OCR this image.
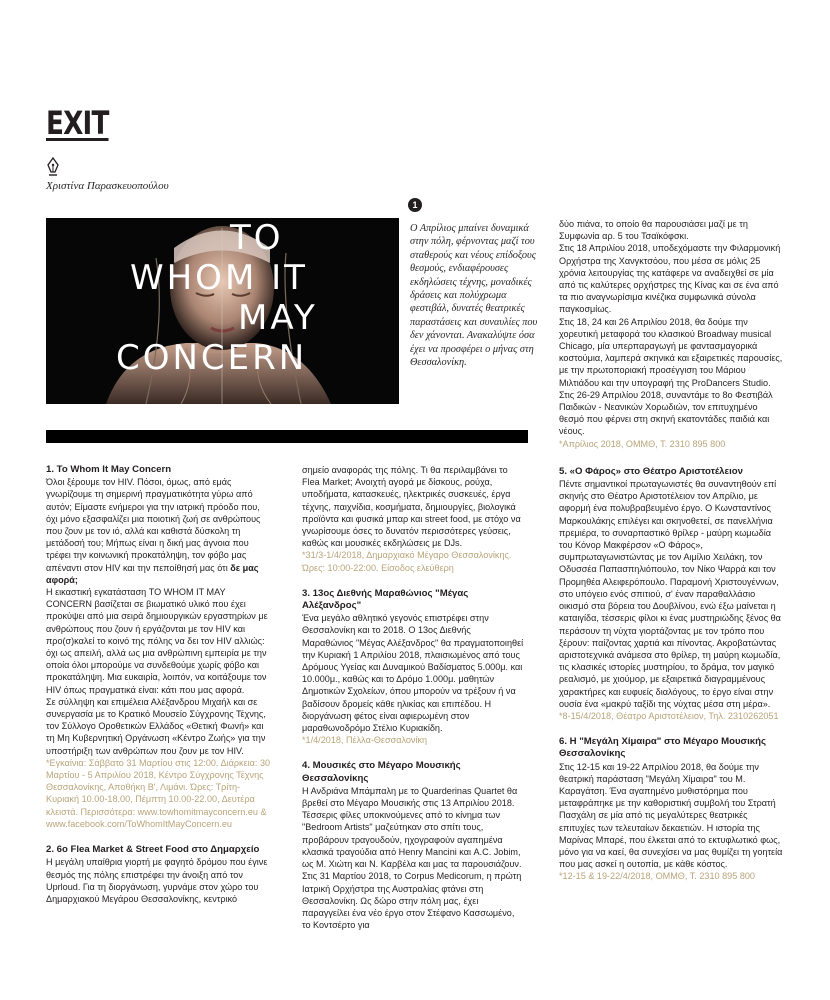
EXIT
Χριστίνα Παρασκευοπούλου
1
TO
WHOM IT
MAY
CONCERN
Ο Απρίλιος μπαίνει δυναμικά στην πόλη, φέρνοντας μαζί του σταθερούς και νέους επίδοξους θεσμούς, ενδιαφέρουσες εκδηλώσεις τέχνης, μοναδικές δράσεις και πολύχρωμα φεστιβάλ, δυνατές θεατρικές παραστάσεις και συναυλίες που δεν χάνονται. Ανακαλύψτε όσα έχει να προσφέρει ο μήνας στη Θεσσαλονίκη.
1. To Whom It May Concern

Όλοι ξέρουμε τον HIV. Πόσοι, όμως, από εμάς γνωρίζουμε τη σημερινή πραγματικότητα γύρω από αυτόν; Είμαστε ενήμεροι για την ιατρική πρόοδο που, όχι μόνο εξασφαλίζει μια ποιοτική ζωή σε ανθρώπους που ζουν με τον ιό, αλλά και καθιστά δύσκολη τη μετάδοσή του; Μήπως είναι η δική μας άγνοια που τρέφει την κοινωνική προκατάληψη, τον φόβο μας απέναντι στον HIV και την πεποίθησή μας ότι δε μας αφορά;

Η εικαστική εγκατάσταση TO WHOM IT MAY CONCERN βασίζεται σε βιωματικό υλικό που έχει προκύψει από μια σειρά δημιουργικών εργαστηρίων με ανθρώπους που ζουν ή εργάζονται με τον HIV και προ(σ)καλεί το κοινό της πόλης να δει τον HIV αλλιώς: όχι ως απειλή, αλλά ως μια ανθρώπινη εμπειρία με την οποία όλοι μπορούμε να συνδεθούμε χωρίς φόβο και προκατάληψη. Μια ευκαιρία, λοιπόν, να κοιτάξουμε τον HIV όπως πραγματικά είναι: κάτι που μας αφορά.

Σε σύλληψη και επιμέλεια Αλέξανδρου Μιχαήλ και σε συνεργασία με το Κρατικό Μουσείο Σύγχρονης Τέχνης, τον Σύλλογο Οροθετικών Ελλάδος «Θετική Φωνή» και τη Μη Κυβερνητική Οργάνωση «Κέντρο Ζωής» για την υποστήριξη των ανθρώπων που ζουν με τον HIV.

*Εγκαίνια: Σάββατο 31 Μαρτίου στις 12:00. Διάρκεια: 30 Μαρτίου - 5 Απριλίου 2018, Κέντρο Σύγχρονης Τέχνης Θεσσαλονίκης, Αποθήκη Β', Λιμάνι. Ώρες: Τρίτη-Κυριακή 10.00-18.00, Πέμπτη 10.00-22.00, Δευτέρα κλειστά. Περισσότερα: www.towhomitmayconcern.eu & www.facebook.com/ToWhomItMayConcern.eu

2. 6ο Flea Market & Street Food στο Δημαρχείο

Η μεγάλη υπαίθρια γιορτή με φαγητό δρόμου που έγινε θεσμός της πόλης επιστρέφει την άνοιξη από τον Uprloud. Για τη διοργάνωση, γυρνάμε στον χώρο του Δημαρχιακού Μεγάρου Θεσσαλονίκης, κεντρικό

σημείο αναφοράς της πόλης. Τι θα περιλαμβάνει το Flea Market; Ανοιχτή αγορά με δίσκους, ρούχα, υποδήματα, κατασκευές, ηλεκτρικές συσκευές, έργα τέχνης, παιχνίδια, κοσμήματα, δημιουργίες, βιολογικά προϊόντα και φυσικά μπαρ και street food, με στόχο να γνωρίσουμε όσες το δυνατόν περισσότερες γεύσεις, καθώς και μουσικές εκδηλώσεις με DJs.

*31/3-1/4/2018, Δημαρχιακό Μέγαρο Θεσσαλονίκης. Ώρες: 10:00-22:00. Είσοδος ελεύθερη

3. 13ος Διεθνής Μαραθώνιος "Μέγας Αλέξανδρος"

Ένα μεγάλο αθλητικό γεγονός επιστρέφει στην Θεσσαλονίκη και το 2018. Ο 13ος Διεθνής Μαραθώνιος "Μέγας Αλέξανδρος" θα πραγματοποιηθεί την Κυριακή 1 Απριλίου 2018, πλαισιωμένος από τους Δρόμους Υγείας και Δυναμικού Βαδίσματος 5.000μ. και 10.000μ., καθώς και το Δρόμο 1.000μ. μαθητών Δημοτικών Σχολείων, όπου μπορούν να τρέξουν ή να βαδίσουν δρομείς κάθε ηλικίας και επιπέδου. Η διοργάνωση φέτος είναι αφιερωμένη στον μαραθωνοδρόμο Στέλιο Κυριακίδη.

*1/4/2018, Πέλλα-Θεσσαλονίκη

4. Μουσικές στο Μέγαρο Μουσικής Θεσσαλονίκης

Η Ανδριάνα Μπάμπαλη με το Quarderinas Quartet θα βρεθεί στο Μέγαρο Μουσικής στις 13 Απριλίου 2018. Τέσσερις φίλες υποκινούμενες από το κίνημα των "Bedroom Artists" μαζεύτηκαν στο σπίτι τους, προβάρουν τραγουδούν, ηχογραφούν αγαπημένα κλασικά τραγούδια από Henry Mancini και A.C. Jobim, ως Μ. Χιώτη και Ν. Καρβέλα και μας τα παρουσιάζουν.

Στις 31 Μαρτίου 2018, το Corpus Medicorum, η πρώτη Ιατρική Ορχήστρα της Αυστραλίας φτάνει στη Θεσσαλονίκη. Ως δώρο στην πόλη μας, έχει παραγγείλει ένα νέο έργο στον Στέφανο Κασσωμένο, το Κοντσέρτο για

δύο πιάνα, το οποίο θα παρουσιάσει μαζί με τη Συμφωνία αρ. 5 του Τσαϊκόφσκι.

Στις 18 Απριλίου 2018, υποδεχόμαστε την Φιλαρμονική Ορχήστρα της Χανγκτσόου, που μέσα σε μόλις 25 χρόνια λειτουργίας της κατάφερε να αναδειχθεί σε μία από τις καλύτερες ορχήστρες της Κίνας και σε ένα από τα πιο αναγνωρίσιμα κινέζικα συμφωνικά σύνολα παγκοσμίως.

Στις 18, 24 και 26 Απριλίου 2018, θα δούμε την χορευτική μεταφορά του κλασικού Broadway musical Chicago, μία υπερπαραγωγή με φαντασμαγορικά κοστούμια, λαμπερά σκηνικά και εξαιρετικές παρουσίες, με την πρωτοποριακή προσέγγιση του Μάριου Μιλτιάδου και την υπογραφή της ProDancers Studio.

Στις 26-29 Απριλίου 2018, συναντάμε το 8ο Φεστιβάλ Παιδικών - Νεανικών Χορωδιών, τον επιτυχημένο θεσμό που φέρνει στη σκηνή εκατοντάδες παιδιά και νέους.

*Απρίλιος 2018, ΟΜΜΘ, Τ. 2310 895 800

5. «Ο Φάρος» στο Θέατρο Αριστοτέλειον

Πέντε σημαντικοί πρωταγωνιστές θα συναντηθούν επί σκηνής στο Θέατρο Αριστοτέλειον τον Απρίλιο, με αφορμή ένα πολυβραβευμένο έργο. Ο Κωνσταντίνος Μαρκουλάκης επιλέγει και σκηνοθετεί, σε πανελλήνια πρεμιέρα, το συναρπαστικό θρίλερ - μαύρη κωμωδία του Κόνορ Μακφέρσον «Ο Φάρος», συμπρωταγωνιστώντας με τον Αιμίλιο Χειλάκη, τον Οδυσσέα Παπασπηλιόπουλο, τον Νίκο Ψαρρά και τον Προμηθέα Αλειφερόπουλο. Παραμονή Χριστουγέννων, στο υπόγειο ενός σπιτιού, σ' έναν παραθαλλάσιο οικισμό στα βόρεια του Δουβλίνου, ενώ έξω μαίνεται η καταιγίδα, τέσσερις φίλοι κι ένας μυστηριώδης ξένος θα περάσουν τη νύχτα γιορτάζοντας με τον τρόπο που ξέρουν: παίζοντας χαρτιά και πίνοντας. Ακροβατώντας αριστοτεχνικά ανάμεσα στο θρίλερ, τη μαύρη κωμωδία, τις κλασικές ιστορίες μυστηρίου, το δράμα, τον μαγικό ρεαλισμό, με χιούμορ, με εξαιρετικά διαγραμμένους χαρακτήρες και ευφυείς διαλόγους, το έργο είναι στην ουσία ένα «μακρύ ταξίδι της νύχτας μέσα στη μέρα».

*8-15/4/2018, Θέατρο Αριστοτέλειον, Τηλ. 2310262051

6. Η "Μεγάλη Χίμαιρα" στο Μέγαρο Μουσικής Θεσσαλονίκης

Στις 12-15 και 19-22 Απριλίου 2018, θα δούμε την θεατρική παράσταση "Μεγάλη Χίμαιρα" του Μ. Καραγάτση. Ένα αγαπημένο μυθιστόρημα που μεταφράπηκε με την καθοριστική συμβολή του Στρατή Πασχάλη σε μία από τις μεγαλύτερες θεατρικές επιτυχίες των τελευταίων δεκαετιών. Η ιστορία της Μαρίνας Μπαρέ, που έλκεται από το εκτυφλωτικό φως, μόνο για να καεί, θα συνεχίσει να μας θυμίζει τη γοητεία που μας ασκεί η ουτοπία, με κάθε κόστος.

*12-15 & 19-22/4/2018, ΟΜΜΘ, Τ. 2310 895 800
